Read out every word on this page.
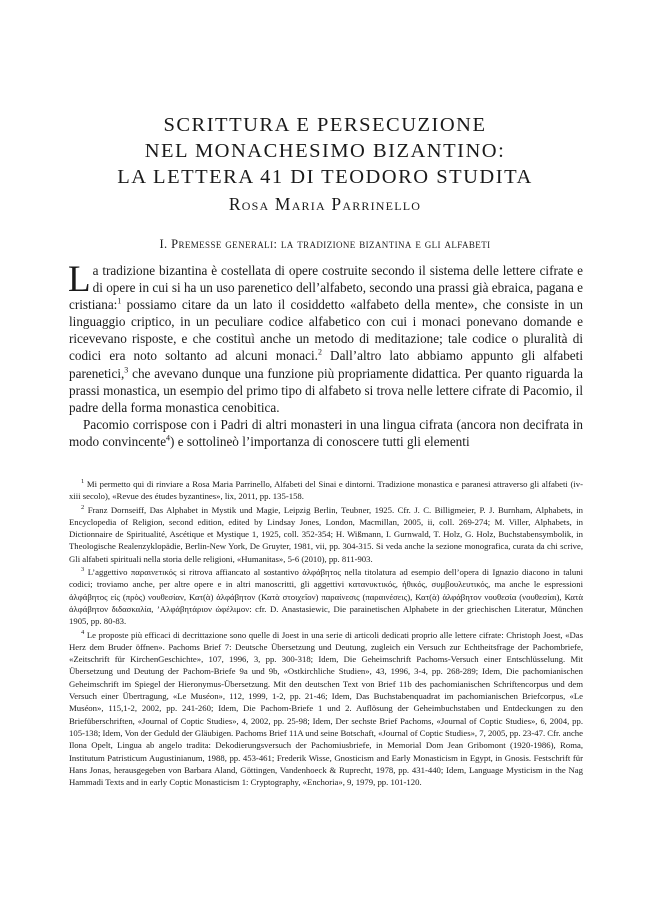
SCRITTURA E PERSECUZIONE
NEL MONACHESIMO BIZANTINO:
LA LETTERA 41 DI TEODORO STUDITA
Rosa Maria Parrinello
I. Premesse generali: la tradizione bizantina e gli alfabeti
La tradizione bizantina è costellata di opere costruite secondo il sistema delle lettere cifrate e di opere in cui si ha un uso parenetico dell’alfabeto, secondo una prassi già ebraica, pagana e cristiana:$^1$ possiamo citare da un lato il cosiddetto «alfabeto della mente», che consiste in un linguaggio criptico, in un peculiare codice alfabetico con cui i monaci ponevano domande e ricevevano risposte, e che costituì anche un metodo di meditazione; tale codice o pluralità di codici era noto soltanto ad alcuni monaci.$^2$ Dall’altro lato abbiamo appunto gli alfabeti parenetici,$^3$ che avevano dunque una funzione più propriamente didattica. Per quanto riguarda la prassi monastica, un esempio del primo tipo di alfabeto si trova nelle lettere cifrate di Pacomio, il padre della forma monastica cenobitica.
Pacomio corrispose con i Padri di altri monasteri in una lingua cifrata (ancora non decifrata in modo convincente$^4$) e sottolineò l’importanza di conoscere tutti gli elementi

$^1$ Mi permetto qui di rinviare a Rosa Maria Parrinello, Alfabeti del Sinai e dintorni. Tradizione monastica e paranesi attraverso gli alfabeti (iv-xiii secolo), «Revue des études byzantines», lix, 2011, pp. 135-158.

$^2$ Franz Dornseiff, Das Alphabet in Mystik und Magie, Leipzig Berlin, Teubner, 1925. Cfr. J. C. Billigmeier, P. J. Burnham, Alphabets, in Encyclopedia of Religion, second edition, edited by Lindsay Jones, London, Macmillan, 2005, ii, coll. 269-274; M. Viller, Alphabets, in Dictionnaire de Spiritualité, Ascétique et Mystique 1, 1925, coll. 352-354; H. Wißmann, I. Gurnwald, T. Holz, G. Holz, Buchstabensymbolik, in Theologische Realenzyklopädie, Berlin-New York, De Gruyter, 1981, vii, pp. 304-315. Si veda anche la sezione monografica, curata da chi scrive, Gli alfabeti spirituali nella storia delle religioni, «Humanitas», 5-6 (2010), pp. 811-903.

$^3$ L’aggettivo παραινετικός si ritrova affiancato al sostantivo ἀλφάβητος nella titolatura ad esempio dell’opera di Ignazio diacono in taluni codici; troviamo anche, per altre opere e in altri manoscritti, gli aggettivi κατανυκτικός, ἠθικός, συμβουλευτικός, ma anche le espressioni ἀλφάβητος εἰς (πρὸς) νουθεσίαν, Κατ(ὰ) ἀλφάβητον (Κατὰ στοιχεῖον) παραίνεσις (παραινέσεις), Κατ(ὰ) ἀλφάβητον νουθεσία (νουθεσίαι), Κατὰ ἀλφάβητον διδασκαλία, ’Αλφάβητάριον ὠφέλιμον: cfr. D. Anastasiewic, Die parainetischen Alphabete in der griechischen Literatur, München 1905, pp. 80-83.

$^4$ Le proposte più efficaci di decrittazione sono quelle di Joest in una serie di articoli dedicati proprio alle lettere cifrate: Christoph Joest, «Das Herz dem Bruder öffnen». Pachoms Brief 7: Deutsche Übersetzung und Deutung, zugleich ein Versuch zur Echtheitsfrage der Pachombriefe, «Zeitschrift für KirchenGeschichte», 107, 1996, 3, pp. 300-318; Idem, Die Geheimschrift Pachoms-Versuch einer Entschlüsselung. Mit Übersetzung und Deutung der Pachom-Briefe 9a und 9b, «Ostkirchliche Studien», 43, 1996, 3-4, pp. 268-289; Idem, Die pachomianischen Geheimschrift im Spiegel der Hieronymus-Übersetzung. Mit den deutschen Text von Brief 11b des pachomianischen Schriftencorpus und dem Versuch einer Übertragung, «Le Muséon», 112, 1999, 1-2, pp. 21-46; Idem, Das Buchstabenquadrat im pachomianischen Briefcorpus, «Le Muséon», 115,1-2, 2002, pp. 241-260; Idem, Die Pachom-Briefe 1 und 2. Auflösung der Geheimbuchstaben und Entdeckungen zu den Briefüberschriften, «Journal of Coptic Studies», 4, 2002, pp. 25-98; Idem, Der sechste Brief Pachoms, «Journal of Coptic Studies», 6, 2004, pp. 105-138; Idem, Von der Geduld der Gläubigen. Pachoms Brief 11A und seine Botschaft, «Journal of Coptic Studies», 7, 2005, pp. 23-47. Cfr. anche Ilona Opelt, Lingua ab angelo tradita: Dekodierungsversuch der Pachomiusbriefe, in Memorial Dom Jean Gribomont (1920-1986), Roma, Institutum Patristicum Augustinianum, 1988, pp. 453-461; Frederik Wisse, Gnosticism and Early Monasticism in Egypt, in Gnosis. Festschrift für Hans Jonas, herausgegeben von Barbara Aland, Göttingen, Vandenhoeck & Ruprecht, 1978, pp. 431-440; Idem, Language Mysticism in the Nag Hammadi Texts and in early Coptic Monasticism 1: Cryptography, «Enchoria», 9, 1979, pp. 101-120.
